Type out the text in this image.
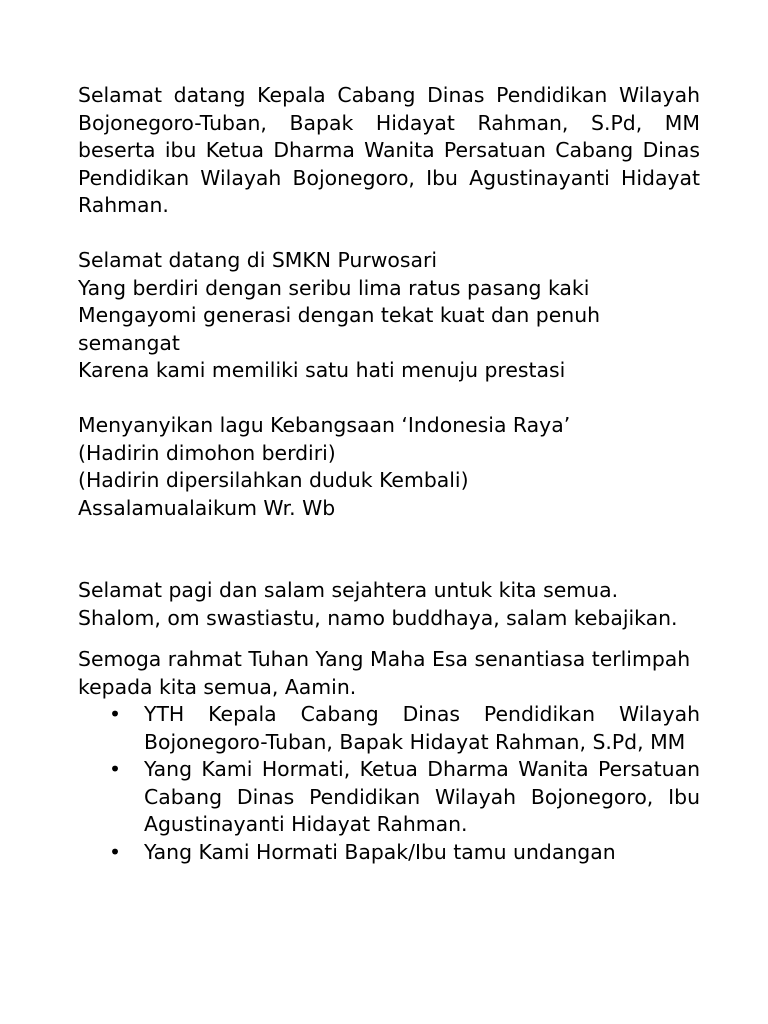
Selamat datang Kepala Cabang Dinas Pendidikan Wilayah Bojonegoro-Tuban, Bapak Hidayat Rahman, S.Pd, MM beserta ibu Ketua Dharma Wanita Persatuan Cabang Dinas Pendidikan Wilayah Bojonegoro, Ibu Agustinayanti Hidayat Rahman.

Selamat datang di SMKN Purwosari
Yang berdiri dengan seribu lima ratus pasang kaki
Mengayomi generasi dengan tekat kuat dan penuh
semangat
Karena kami memiliki satu hati menuju prestasi
Menyanyikan lagu Kebangsaan ‘Indonesia Raya’
(Hadirin dimohon berdiri)
(Hadirin dipersilahkan duduk Kembali)
Assalamualaikum Wr. Wb

Selamat pagi dan salam sejahtera untuk kita semua. Shalom, om swastiastu, namo buddhaya, salam kebajikan.

Semoga rahmat Tuhan Yang Maha Esa senantiasa terlimpah kepada kita semua, Aamin.

• YTH Kepala Cabang Dinas Pendidikan Wilayah Bojonegoro-Tuban, Bapak Hidayat Rahman, S.Pd, MM
• Yang Kami Hormati, Ketua Dharma Wanita Persatuan Cabang Dinas Pendidikan Wilayah Bojonegoro, Ibu Agustinayanti Hidayat Rahman.
• Yang Kami Hormati Bapak/Ibu tamu undangan
